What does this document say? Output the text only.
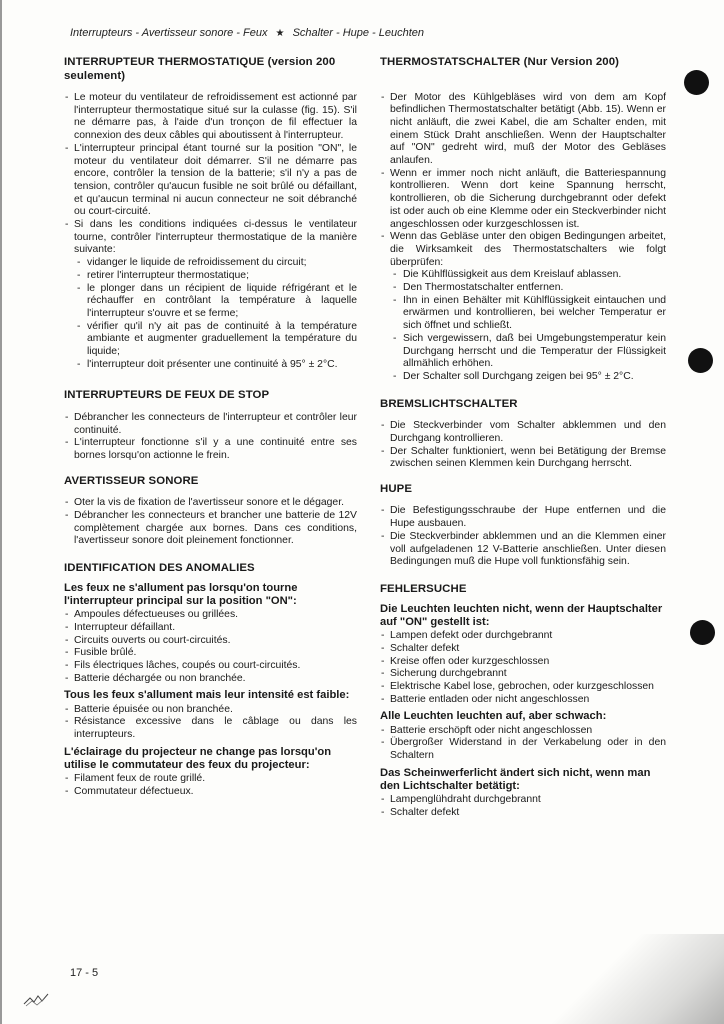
Interrupteurs - Avertisseur sonore - Feux ★ Schalter - Hupe - Leuchten
INTERRUPTEUR THERMOSTATIQUE (version 200 seulement)
- Le moteur du ventilateur de refroidissement est actionné par l'interrupteur thermostatique situé sur la culasse (fig. 15). S'il ne démarre pas, à l'aide d'un tronçon de fil effectuer la connexion des deux câbles qui aboutissent à l'interrupteur.
- L'interrupteur principal étant tourné sur la position "ON", le moteur du ventilateur doit démarrer. S'il ne démarre pas encore, contrôler la tension de la batterie; s'il n'y a pas de tension, contrôler qu'aucun fusible ne soit brûlé ou défaillant, et qu'aucun terminal ni aucun connecteur ne soit débranché ou court-circuité.
- Si dans les conditions indiquées ci-dessus le ventilateur tourne, contrôler l'interrupteur thermostatique de la manière suivante:
- vidanger le liquide de refroidissement du circuit;
- retirer l'interrupteur thermostatique;
- le plonger dans un récipient de liquide réfrigérant et le réchauffer en contrôlant la température à laquelle l'interrupteur s'ouvre et se ferme;
- vérifier qu'il n'y ait pas de continuité à la température ambiante et augmenter graduellement la température du liquide;
- l'interrupteur doit présenter une continuité à 95° ± 2°C.
INTERRUPTEURS DE FEUX DE STOP
- Débrancher les connecteurs de l'interrupteur et contrôler leur continuité.
- L'interrupteur fonctionne s'il y a une continuité entre ses bornes lorsqu'on actionne le frein.
AVERTISSEUR SONORE
- Oter la vis de fixation de l'avertisseur sonore et le dégager.
- Débrancher les connecteurs et brancher une batterie de 12V complètement chargée aux bornes. Dans ces conditions, l'avertisseur sonore doit pleinement fonctionner.
IDENTIFICATION DES ANOMALIES
Les feux ne s'allument pas lorsqu'on tourne l'interrupteur principal sur la position "ON":
- Ampoules défectueuses ou grillées.
- Interrupteur défaillant.
- Circuits ouverts ou court-circuités.
- Fusible brûlé.
- Fils électriques lâches, coupés ou court-circuités.
- Batterie déchargée ou non branchée.
Tous les feux s'allument mais leur intensité est faible:
- Batterie épuisée ou non branchée.
- Résistance excessive dans le câblage ou dans les interrupteurs.
L'éclairage du projecteur ne change pas lorsqu'on utilise le commutateur des feux du projecteur:
- Filament feux de route grillé.
- Commutateur défectueux.
THERMOSTATSCHALTER (Nur Version 200)
- Der Motor des Kühlgebläses wird von dem am Kopf befindlichen Thermostatschalter betätigt (Abb. 15). Wenn er nicht anläuft, die zwei Kabel, die am Schalter enden, mit einem Stück Draht anschließen. Wenn der Hauptschalter auf "ON" gedreht wird, muß der Motor des Gebläses anlaufen.
- Wenn er immer noch nicht anläuft, die Batteriespannung kontrollieren. Wenn dort keine Spannung herrscht, kontrollieren, ob die Sicherung durchgebrannt oder defekt ist oder auch ob eine Klemme oder ein Steckverbinder nicht angeschlossen oder kurzgeschlossen ist.
- Wenn das Gebläse unter den obigen Bedingungen arbeitet, die Wirksamkeit des Thermostatschalters wie folgt überprüfen:
- Die Kühlflüssigkeit aus dem Kreislauf ablassen.
- Den Thermostatschalter entfernen.
- Ihn in einen Behälter mit Kühlflüssigkeit eintauchen und erwärmen und kontrollieren, bei welcher Temperatur er sich öffnet und schließt.
- Sich vergewissern, daß bei Umgebungstemperatur kein Durchgang herrscht und die Temperatur der Flüssigkeit allmählich erhöhen.
- Der Schalter soll Durchgang zeigen bei 95° ± 2°C.
BREMSLICHTSCHALTER
- Die Steckverbinder vom Schalter abklemmen und den Durchgang kontrollieren.
- Der Schalter funktioniert, wenn bei Betätigung der Bremse zwischen seinen Klemmen kein Durchgang herrscht.
HUPE
- Die Befestigungsschraube der Hupe entfernen und die Hupe ausbauen.
- Die Steckverbinder abklemmen und an die Klemmen einer voll aufgeladenen 12 V-Batterie anschließen. Unter diesen Bedingungen muß die Hupe voll funktionsfähig sein.
FEHLERSUCHE
Die Leuchten leuchten nicht, wenn der Hauptschalter auf "ON" gestellt ist:
- Lampen defekt oder durchgebrannt
- Schalter defekt
- Kreise offen oder kurzgeschlossen
- Sicherung durchgebrannt
- Elektrische Kabel lose, gebrochen, oder kurzgeschlossen
- Batterie entladen oder nicht angeschlossen
Alle Leuchten leuchten auf, aber schwach:
- Batterie erschöpft oder nicht angeschlossen
- Übergroßer Widerstand in der Verkabelung oder in den Schaltern
Das Scheinwerferlicht ändert sich nicht, wenn man den Lichtschalter betätigt:
- Lampenglühdraht durchgebrannt
- Schalter defekt
17 - 5
